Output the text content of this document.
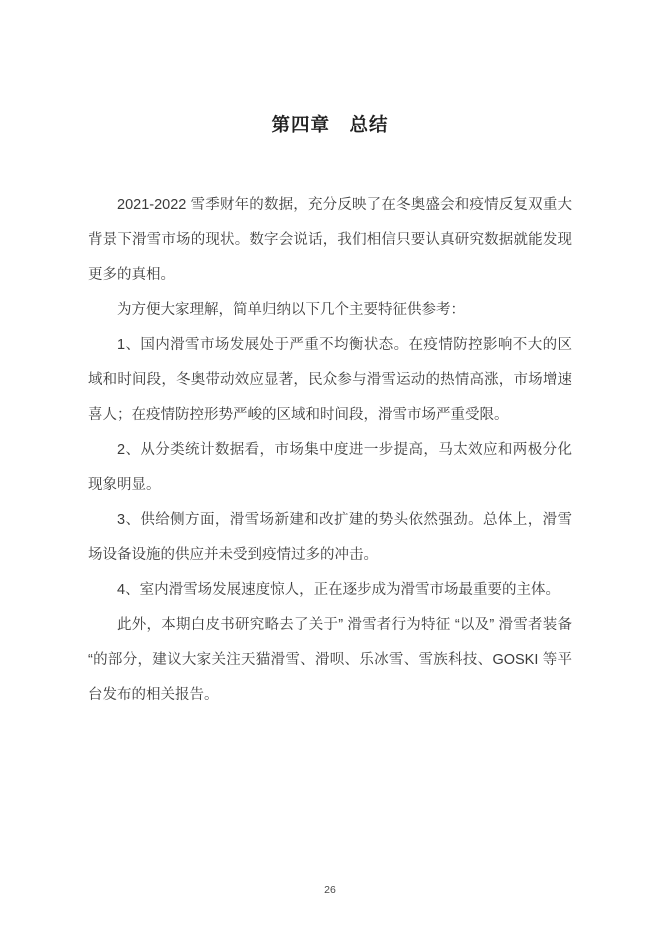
第四章　总结

2021-2022 雪季财年的数据，充分反映了在冬奥盛会和疫情反复双重大背景下滑雪市场的现状。数字会说话，我们相信只要认真研究数据就能发现更多的真相。

为方便大家理解，简单归纳以下几个主要特征供参考：

1、国内滑雪市场发展处于严重不均衡状态。在疫情防控影响不大的区域和时间段，冬奥带动效应显著，民众参与滑雪运动的热情高涨，市场增速喜人；在疫情防控形势严峻的区域和时间段，滑雪市场严重受限。

2、从分类统计数据看，市场集中度进一步提高，马太效应和两极分化现象明显。

3、供给侧方面，滑雪场新建和改扩建的势头依然强劲。总体上，滑雪场设备设施的供应并未受到疫情过多的冲击。

4、室内滑雪场发展速度惊人，正在逐步成为滑雪市场最重要的主体。

此外，本期白皮书研究略去了关于” 滑雪者行为特征 “以及” 滑雪者装备 “的部分，建议大家关注天猫滑雪、滑呗、乐冰雪、雪族科技、GOSKI 等平台发布的相关报告。

26
